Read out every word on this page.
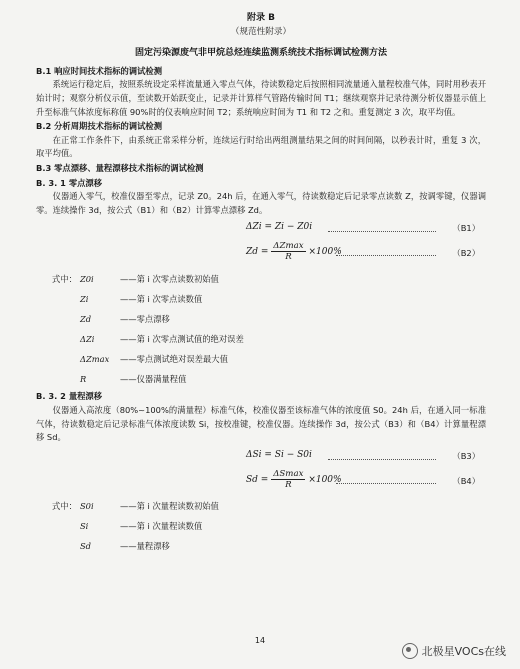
附录 B
（规范性附录）
固定污染源废气非甲烷总烃连续监测系统技术指标调试检测方法
B.1 响应时间技术指标的调试检测
系统运行稳定后，按照系统设定采样流量通入零点气体，待读数稳定后按照相同流量通入量程校准气体，同时用秒表开始计时；观察分析仪示值，至读数开始跃变止，记录并计算样气管路传输时间 T1；继续观察并记录待测分析仪器显示值上升至标准气体浓度标称值 90%时的仪表响应时间 T2；系统响应时间为 T1 和 T2 之和。重复测定 3 次，取平均值。
B.2 分析周期技术指标的调试检测
在正常工作条件下，由系统正常采样分析，连续运行时给出两组测量结果之间的时间间隔，以秒表计时，重复 3 次，取平均值。
B.3 零点漂移、量程漂移技术指标的调试检测
B. 3. 1 零点漂移
仪器通入零气，校准仪器至零点，记录 Z0。24h 后，在通入零气，待读数稳定后记录零点读数 Z，按调零键，仪器调零。连续操作 3d，按公式（B1）和（B2）计算零点漂移 Zd。
ΔZi = Zi − Z0i	（B1）
$Zd = \frac{\Delta Zmax}{R} \times 100\%$	（B2）
式中： Z0i	——第 i 次零点读数初始值
Zi	——第 i 次零点读数值
Zd	——零点漂移
ΔZi	——第 i 次零点测试值的绝对误差
ΔZmax	——零点测试绝对误差最大值
R	——仪器满量程值
B. 3. 2 量程漂移
仪器通入高浓度（80%~100%的满量程）标准气体，校准仪器至该标准气体的浓度值 S0。24h 后，在通入同一标准气体，待读数稳定后记录标准气体浓度读数 Si，按校准键，校准仪器。连续操作 3d，按公式（B3）和（B4）计算量程漂移 Sd。
ΔSi = Si − S0i	（B3）
$Sd = \frac{\Delta Smax}{R} \times 100\%$	（B4）
式中： S0i	——第 i 次量程读数初始值
Si	——第 i 次量程读数值
Sd	——量程漂移
14
北极星VOCs在线
